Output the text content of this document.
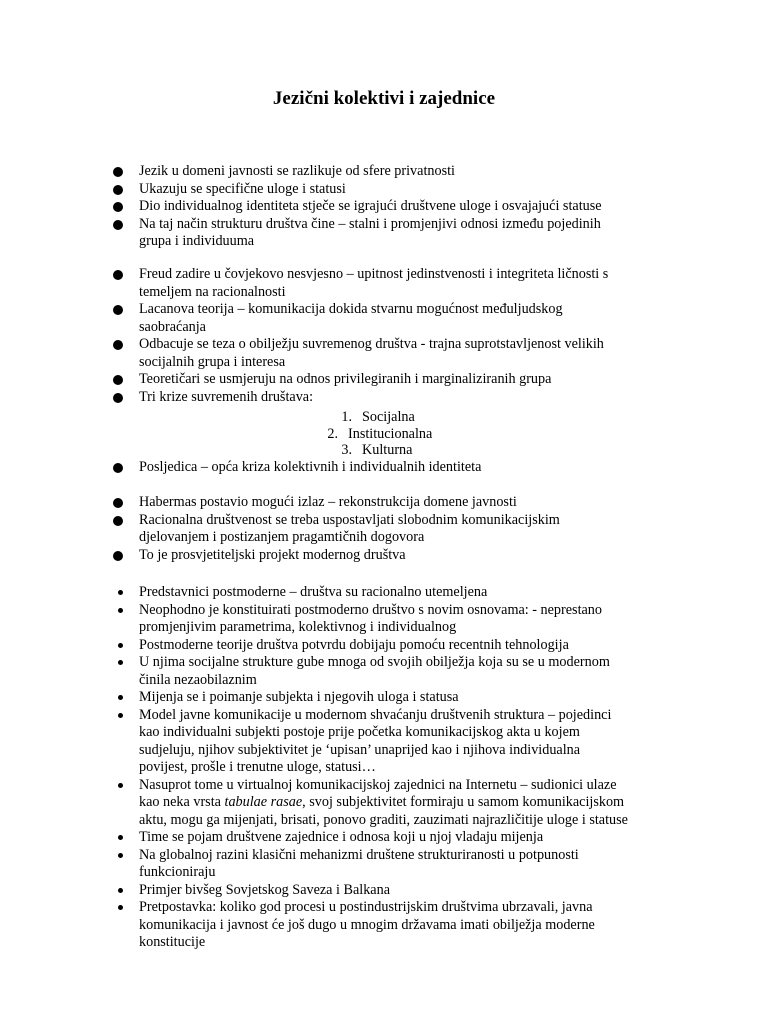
Jezični kolektivi i zajednice
Jezik u domeni javnosti se razlikuje od sfere privatnosti
Ukazuju se specifične uloge i statusi
Dio individualnog identiteta stječe se igrajući društvene uloge i osvajajući statuse
Na taj način strukturu društva čine – stalni i promjenjivi odnosi između pojedinih
grupa i individuuma
Freud zadire u čovjekovo nesvjesno – upitnost jedinstvenosti i integriteta ličnosti s
temeljem na racionalnosti
Lacanova teorija – komunikacija dokida stvarnu mogućnost međuljudskog
saobraćanja
Odbacuje se teza o obilježju suvremenog društva - trajna suprotstavljenost velikih
socijalnih grupa i interesa
Teoretičari se usmjeruju na odnos privilegiranih i marginaliziranih grupa
Tri krize suvremenih društava:
1. Socijalna
2. Institucionalna
3. Kulturna
Posljedica – opća kriza kolektivnih i individualnih identiteta
Habermas postavio mogući izlaz – rekonstrukcija domene javnosti
Racionalna društvenost se treba uspostavljati slobodnim komunikacijskim
djelovanjem i postizanjem pragamtičnih dogovora
To je prosvjetiteljski projekt modernog društva
Predstavnici postmoderne – društva su racionalno utemeljena
Neophodno je konstituirati postmoderno društvo s novim osnovama: - neprestano
promjenjivim parametrima, kolektivnog i individualnog
Postmoderne teorije društva potvrdu dobijaju pomoću recentnih tehnologija
U njima socijalne strukture gube mnoga od svojih obilježja koja su se u modernom
činila nezaobilaznim
Mijenja se i poimanje subjekta i njegovih uloga i statusa
Model javne komunikacije u modernom shvaćanju društvenih struktura – pojedinci
kao individualni subjekti postoje prije početka komunikacijskog akta u kojem
sudjeluju, njihov subjektivitet je ‘upisan’ unaprijed kao i njihova individualna
povijest, prošle i trenutne uloge, statusi…
Nasuprot tome u virtualnoj komunikacijskoj zajednici na Internetu – sudionici ulaze
kao neka vrsta tabulae rasae, svoj subjektivitet formiraju u samom komunikacijskom
aktu, mogu ga mijenjati, brisati, ponovo graditi, zauzimati najrazličitije uloge i statuse
Time se pojam društvene zajednice i odnosa koji u njoj vladaju mijenja
Na globalnoj razini klasični mehanizmi društene strukturiranosti u potpunosti
funkcioniraju
Primjer bivšeg Sovjetskog Saveza i Balkana
Pretpostavka: koliko god procesi u postindustrijskim društvima ubrzavali, javna
komunikacija i javnost će još dugo u mnogim državama imati obilježja moderne
konstitucije
